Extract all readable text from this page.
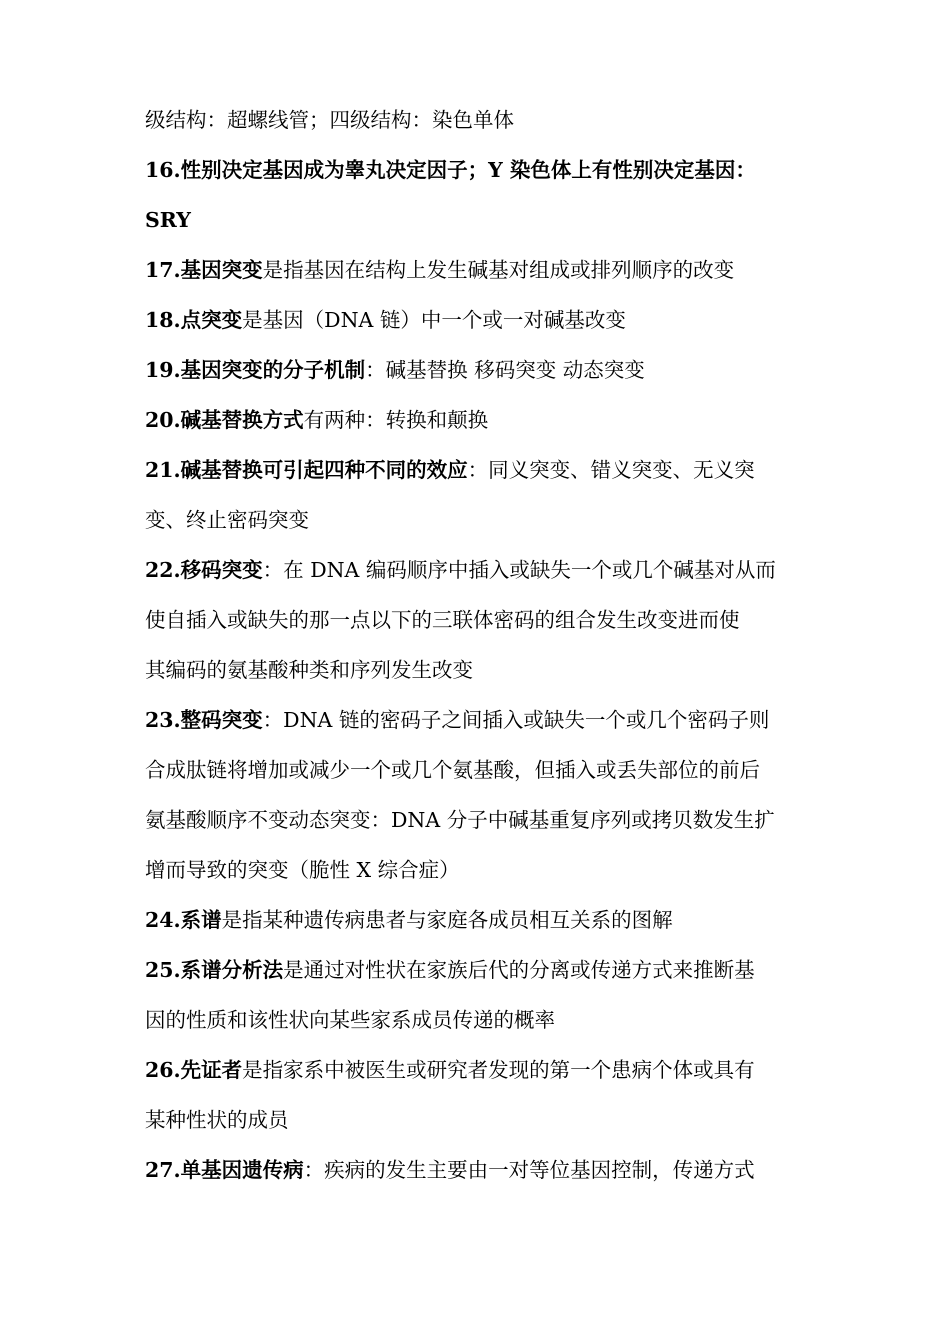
级结构：超螺线管；四级结构：染色单体
16.性别决定基因成为睾丸决定因子；Y 染色体上有性别决定基因：
SRY
17.基因突变是指基因在结构上发生碱基对组成或排列顺序的改变
18.点突变是基因（DNA 链）中一个或一对碱基改变
19.基因突变的分子机制：碱基替换 移码突变 动态突变
20.碱基替换方式有两种：转换和颠换
21.碱基替换可引起四种不同的效应：同义突变、错义突变、无义突
变、终止密码突变
22.移码突变：在 DNA 编码顺序中插入或缺失一个或几个碱基对从而
使自插入或缺失的那一点以下的三联体密码的组合发生改变进而使
其编码的氨基酸种类和序列发生改变
23.整码突变：DNA 链的密码子之间插入或缺失一个或几个密码子则
合成肽链将增加或减少一个或几个氨基酸，但插入或丢失部位的前后
氨基酸顺序不变动态突变：DNA 分子中碱基重复序列或拷贝数发生扩
增而导致的突变（脆性 X 综合症）
24.系谱是指某种遗传病患者与家庭各成员相互关系的图解
25.系谱分析法是通过对性状在家族后代的分离或传递方式来推断基
因的性质和该性状向某些家系成员传递的概率
26.先证者是指家系中被医生或研究者发现的第一个患病个体或具有
某种性状的成员
27.单基因遗传病：疾病的发生主要由一对等位基因控制，传递方式
